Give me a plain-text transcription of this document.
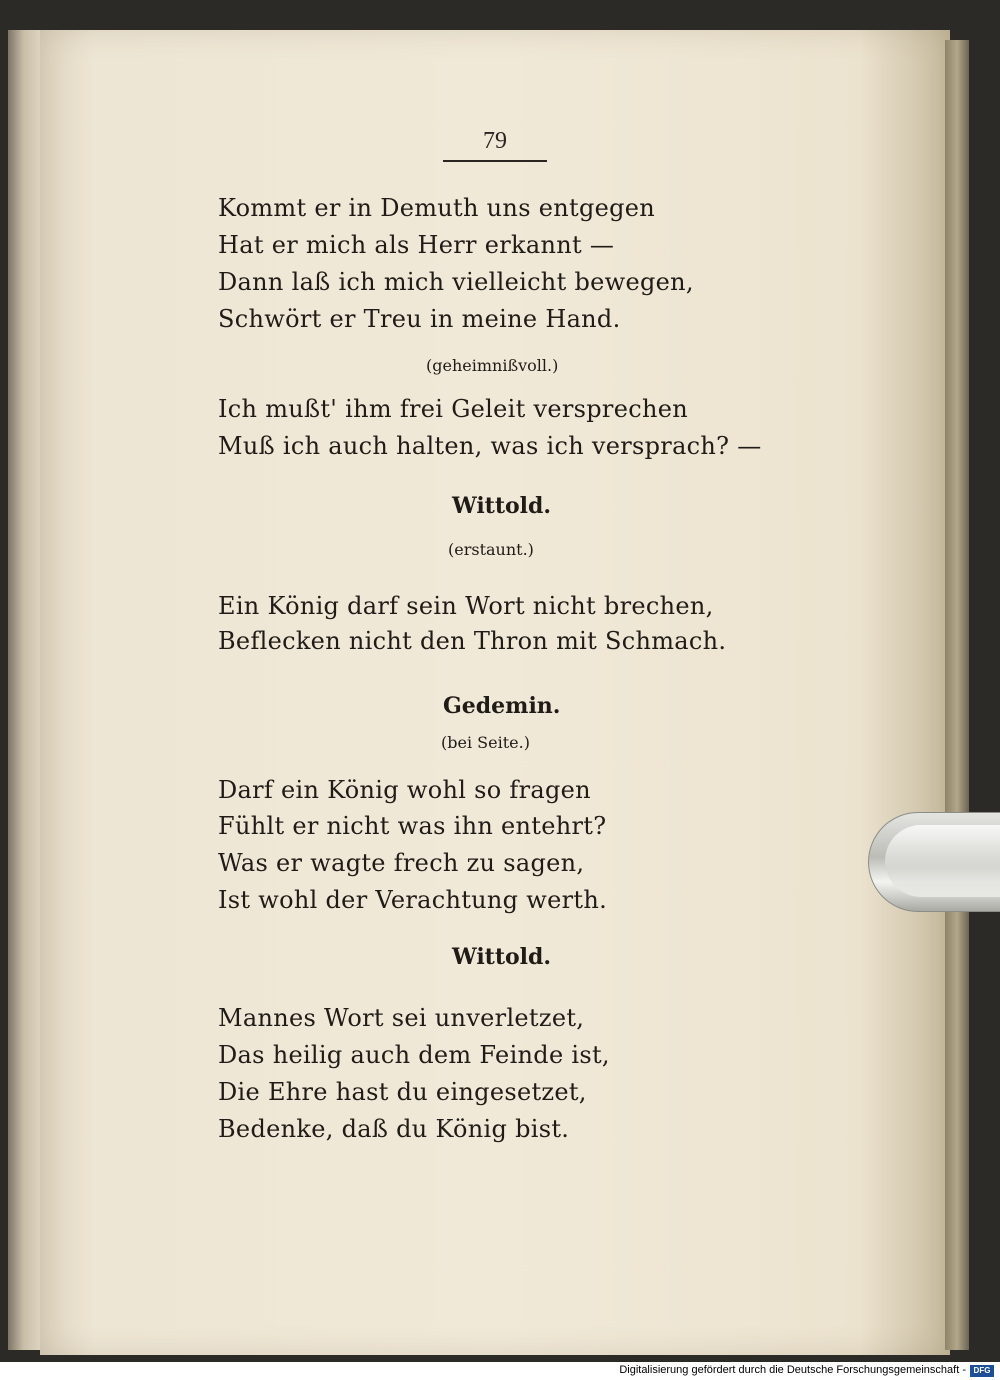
79
Kommt er in Demuth uns entgegen
Hat er mich als Herr erkannt —
Dann laß ich mich vielleicht bewegen,
Schwört er Treu in meine Hand.
(geheimnißvoll.)
Ich mußt' ihm frei Geleit versprechen
Muß ich auch halten, was ich versprach? —
Wittold.
(erstaunt.)
Ein König darf sein Wort nicht brechen,
Beflecken nicht den Thron mit Schmach.
Gedemin.
(bei Seite.)
Darf ein König wohl so fragen
Fühlt er nicht was ihn entehrt?
Was er wagte frech zu sagen,
Ist wohl der Verachtung werth.
Wittold.
Mannes Wort sei unverletzet,
Das heilig auch dem Feinde ist,
Die Ehre hast du eingesetzet,
Bedenke, daß du König bist.
Digitalisierung gefördert durch die Deutsche Forschungsgemeinschaft - DFG
